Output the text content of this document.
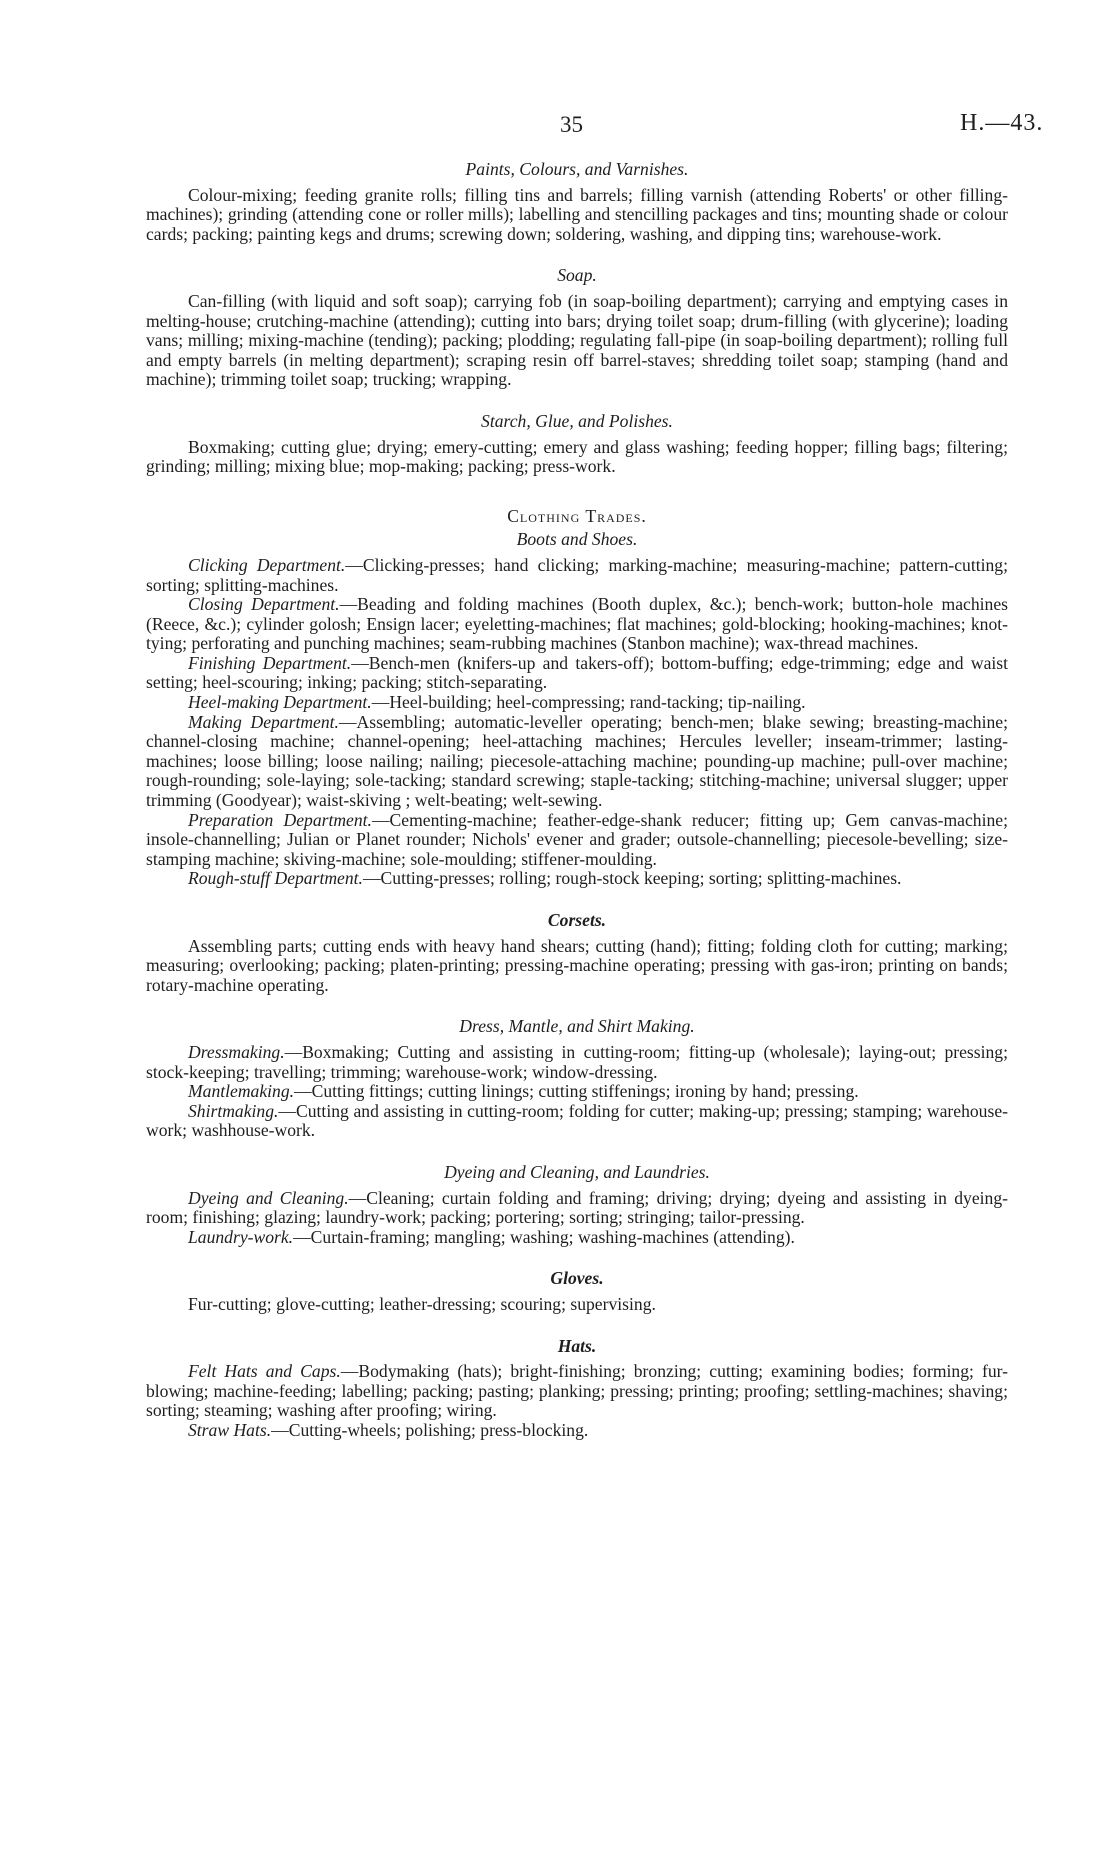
35	H.—43.
Paints, Colours, and Varnishes.

Colour-mixing; feeding granite rolls; filling tins and barrels; filling varnish (attending Roberts' or other filling-machines); grinding (attending cone or roller mills); labelling and stencilling packages and tins; mounting shade or colour cards; packing; painting kegs and drums; screwing down; soldering, washing, and dipping tins; warehouse-work.

Soap.

Can-filling (with liquid and soft soap); carrying fob (in soap-boiling department); carrying and emptying cases in melting-house; crutching-machine (attending); cutting into bars; drying toilet soap; drum-filling (with glycerine); loading vans; milling; mixing-machine (tending); packing; plodding; regulating fall-pipe (in soap-boiling department); rolling full and empty barrels (in melting department); scraping resin off barrel-staves; shredding toilet soap; stamping (hand and machine); trimming toilet soap; trucking; wrapping.

Starch, Glue, and Polishes.

Boxmaking; cutting glue; drying; emery-cutting; emery and glass washing; feeding hopper; filling bags; filtering; grinding; milling; mixing blue; mop-making; packing; press-work.

Clothing Trades.
Boots and Shoes.

Clicking Department.—Clicking-presses; hand clicking; marking-machine; measuring-machine; pattern-cutting; sorting; splitting-machines.

Closing Department.—Beading and folding machines (Booth duplex, &c.); bench-work; button-hole machines (Reece, &c.); cylinder golosh; Ensign lacer; eyeletting-machines; flat machines; gold-blocking; hooking-machines; knot-tying; perforating and punching machines; seam-rubbing machines (Stanbon machine); wax-thread machines.

Finishing Department.—Bench-men (knifers-up and takers-off); bottom-buffing; edge-trimming; edge and waist setting; heel-scouring; inking; packing; stitch-separating.

Heel-making Department.—Heel-building; heel-compressing; rand-tacking; tip-nailing.

Making Department.—Assembling; automatic-leveller operating; bench-men; blake sewing; breasting-machine; channel-closing machine; channel-opening; heel-attaching machines; Hercules leveller; inseam-trimmer; lasting-machines; loose billing; loose nailing; nailing; piecesole-attaching machine; pounding-up machine; pull-over machine; rough-rounding; sole-laying; sole-tacking; standard screwing; staple-tacking; stitching-machine; universal slugger; upper trimming (Goodyear); waist-skiving ; welt-beating; welt-sewing.

Preparation Department.—Cementing-machine; feather-edge-shank reducer; fitting up; Gem canvas-machine; insole-channelling; Julian or Planet rounder; Nichols' evener and grader; outsole-channelling; piecesole-bevelling; size-stamping machine; skiving-machine; sole-moulding; stiffener-moulding.

Rough-stuff Department.—Cutting-presses; rolling; rough-stock keeping; sorting; splitting-machines.

Corsets.

Assembling parts; cutting ends with heavy hand shears; cutting (hand); fitting; folding cloth for cutting; marking; measuring; overlooking; packing; platen-printing; pressing-machine operating; pressing with gas-iron; printing on bands; rotary-machine operating.

Dress, Mantle, and Shirt Making.

Dressmaking.—Boxmaking; Cutting and assisting in cutting-room; fitting-up (wholesale); laying-out; pressing; stock-keeping; travelling; trimming; warehouse-work; window-dressing.

Mantlemaking.—Cutting fittings; cutting linings; cutting stiffenings; ironing by hand; pressing.

Shirtmaking.—Cutting and assisting in cutting-room; folding for cutter; making-up; pressing; stamping; warehouse-work; washhouse-work.

Dyeing and Cleaning, and Laundries.

Dyeing and Cleaning.—Cleaning; curtain folding and framing; driving; drying; dyeing and assisting in dyeing-room; finishing; glazing; laundry-work; packing; portering; sorting; stringing; tailor-pressing.

Laundry-work.—Curtain-framing; mangling; washing; washing-machines (attending).

Gloves.

Fur-cutting; glove-cutting; leather-dressing; scouring; supervising.

Hats.

Felt Hats and Caps.—Bodymaking (hats); bright-finishing; bronzing; cutting; examining bodies; forming; fur-blowing; machine-feeding; labelling; packing; pasting; planking; pressing; printing; proofing; settling-machines; shaving; sorting; steaming; washing after proofing; wiring.

Straw Hats.—Cutting-wheels; polishing; press-blocking.
